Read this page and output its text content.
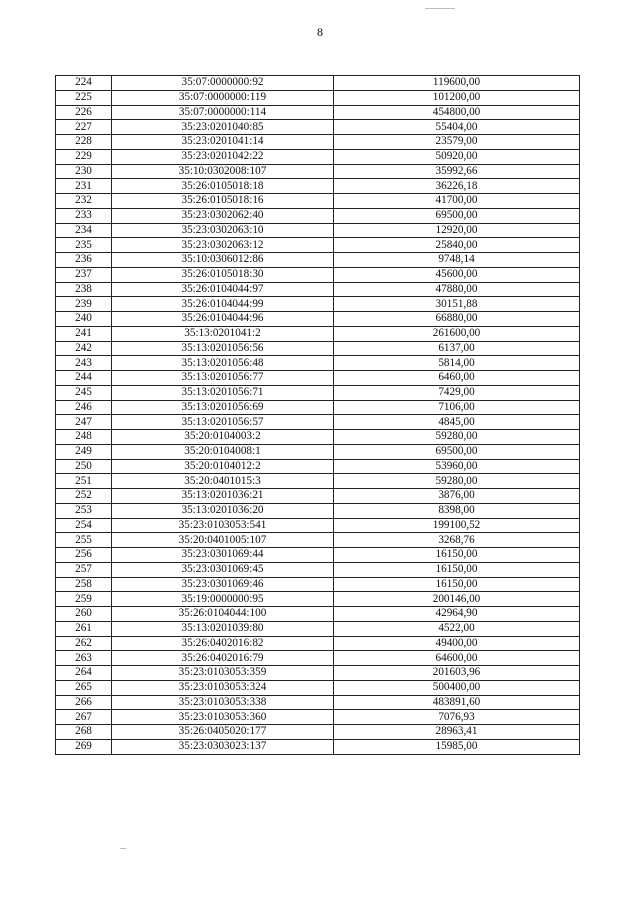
8
224	35:07:0000000:92	119600,00
225	35:07:0000000:119	101200,00
226	35:07:0000000:114	454800,00
227	35:23:0201040:85	55404,00
228	35:23:0201041:14	23579,00
229	35:23:0201042:22	50920,00
230	35:10:0302008:107	35992,66
231	35:26:0105018:18	36226,18
232	35:26:0105018:16	41700,00
233	35:23:0302062:40	69500,00
234	35:23:0302063:10	12920,00
235	35:23:0302063:12	25840,00
236	35:10:0306012:86	9748,14
237	35:26:0105018:30	45600,00
238	35:26:0104044:97	47880,00
239	35:26:0104044:99	30151,88
240	35:26:0104044:96	66880,00
241	35:13:0201041:2	261600,00
242	35:13:0201056:56	6137,00
243	35:13:0201056:48	5814,00
244	35:13:0201056:77	6460,00
245	35:13:0201056:71	7429,00
246	35:13:0201056:69	7106,00
247	35:13:0201056:57	4845,00
248	35:20:0104003:2	59280,00
249	35:20:0104008:1	69500,00
250	35:20:0104012:2	53960,00
251	35:20:0401015:3	59280,00
252	35:13:0201036:21	3876,00
253	35:13:0201036:20	8398,00
254	35:23:0103053:541	199100,52
255	35:20:0401005:107	3268,76
256	35:23:0301069:44	16150,00
257	35:23:0301069:45	16150,00
258	35:23:0301069:46	16150,00
259	35:19:0000000:95	200146,00
260	35:26:0104044:100	42964,90
261	35:13:0201039:80	4522,00
262	35:26:0402016:82	49400,00
263	35:26:0402016:79	64600,00
264	35:23:0103053:359	201603,96
265	35:23:0103053:324	500400,00
266	35:23:0103053:338	483891,60
267	35:23:0103053:360	7076,93
268	35:26:0405020:177	28963,41
269	35:23:0303023:137	15985,00
